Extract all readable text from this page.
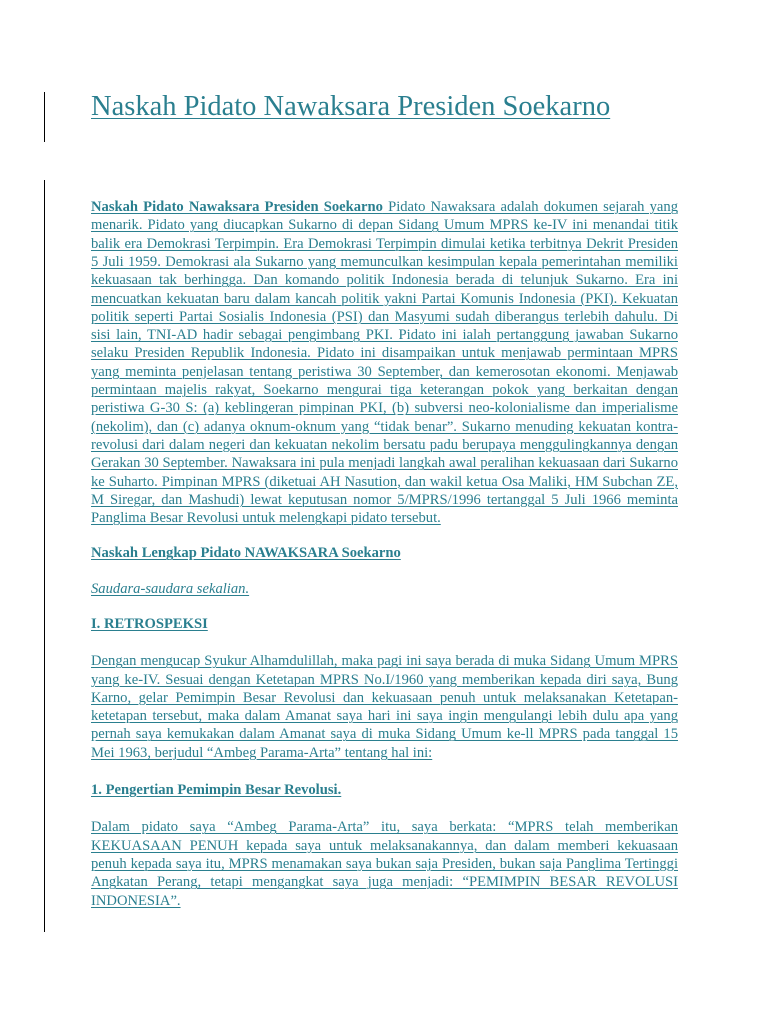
Naskah Pidato Nawaksara Presiden Soekarno

Naskah Pidato Nawaksara Presiden Soekarno Pidato Nawaksara adalah dokumen sejarah yang menarik. Pidato yang diucapkan Sukarno di depan Sidang Umum MPRS ke-IV ini menandai titik balik era Demokrasi Terpimpin. Era Demokrasi Terpimpin dimulai ketika terbitnya Dekrit Presiden 5 Juli 1959. Demokrasi ala Sukarno yang memunculkan kesimpulan kepala pemerintahan memiliki kekuasaan tak berhingga. Dan komando politik Indonesia berada di telunjuk Sukarno. Era ini mencuatkan kekuatan baru dalam kancah politik yakni Partai Komunis Indonesia (PKI). Kekuatan politik seperti Partai Sosialis Indonesia (PSI) dan Masyumi sudah diberangus terlebih dahulu. Di sisi lain, TNI-AD hadir sebagai pengimbang PKI. Pidato ini ialah pertanggung jawaban Sukarno selaku Presiden Republik Indonesia. Pidato ini disampaikan untuk menjawab permintaan MPRS yang meminta penjelasan tentang peristiwa 30 September, dan kemerosotan ekonomi. Menjawab permintaan majelis rakyat, Soekarno mengurai tiga keterangan pokok yang berkaitan dengan peristiwa G-30 S: (a) keblingeran pimpinan PKI, (b) subversi neo-kolonialisme dan imperialisme (nekolim), dan (c) adanya oknum-oknum yang “tidak benar”. Sukarno menuding kekuatan kontra-revolusi dari dalam negeri dan kekuatan nekolim bersatu padu berupaya menggulingkannya dengan Gerakan 30 September. Nawaksara ini pula menjadi langkah awal peralihan kekuasaan dari Sukarno ke Suharto. Pimpinan MPRS (diketuai AH Nasution, dan wakil ketua Osa Maliki, HM Subchan ZE, M Siregar, dan Mashudi) lewat keputusan nomor 5/MPRS/1996 tertanggal 5 Juli 1966 meminta Panglima Besar Revolusi untuk melengkapi pidato tersebut.

Naskah Lengkap Pidato NAWAKSARA Soekarno

Saudara-saudara sekalian.

I. RETROSPEKSI

Dengan mengucap Syukur Alhamdulillah, maka pagi ini saya berada di muka Sidang Umum MPRS yang ke-IV. Sesuai dengan Ketetapan MPRS No.I/1960 yang memberikan kepada diri saya, Bung Karno, gelar Pemimpin Besar Revolusi dan kekuasaan penuh untuk melaksanakan Ketetapan-ketetapan tersebut, maka dalam Amanat saya hari ini saya ingin mengulangi lebih dulu apa yang pernah saya kemukakan dalam Amanat saya di muka Sidang Umum ke-ll MPRS pada tanggal 15 Mei 1963, berjudul “Ambeg Parama-Arta” tentang hal ini:

1. Pengertian Pemimpin Besar Revolusi.

Dalam pidato saya “Ambeg Parama-Arta” itu, saya berkata: “MPRS telah memberikan KEKUASAAN PENUH kepada saya untuk melaksanakannya, dan dalam memberi kekuasaan penuh kepada saya itu, MPRS menamakan saya bukan saja Presiden, bukan saja Panglima Tertinggi Angkatan Perang, tetapi mengangkat saya juga menjadi: “PEMIMPIN BESAR REVOLUSI INDONESIA”.
